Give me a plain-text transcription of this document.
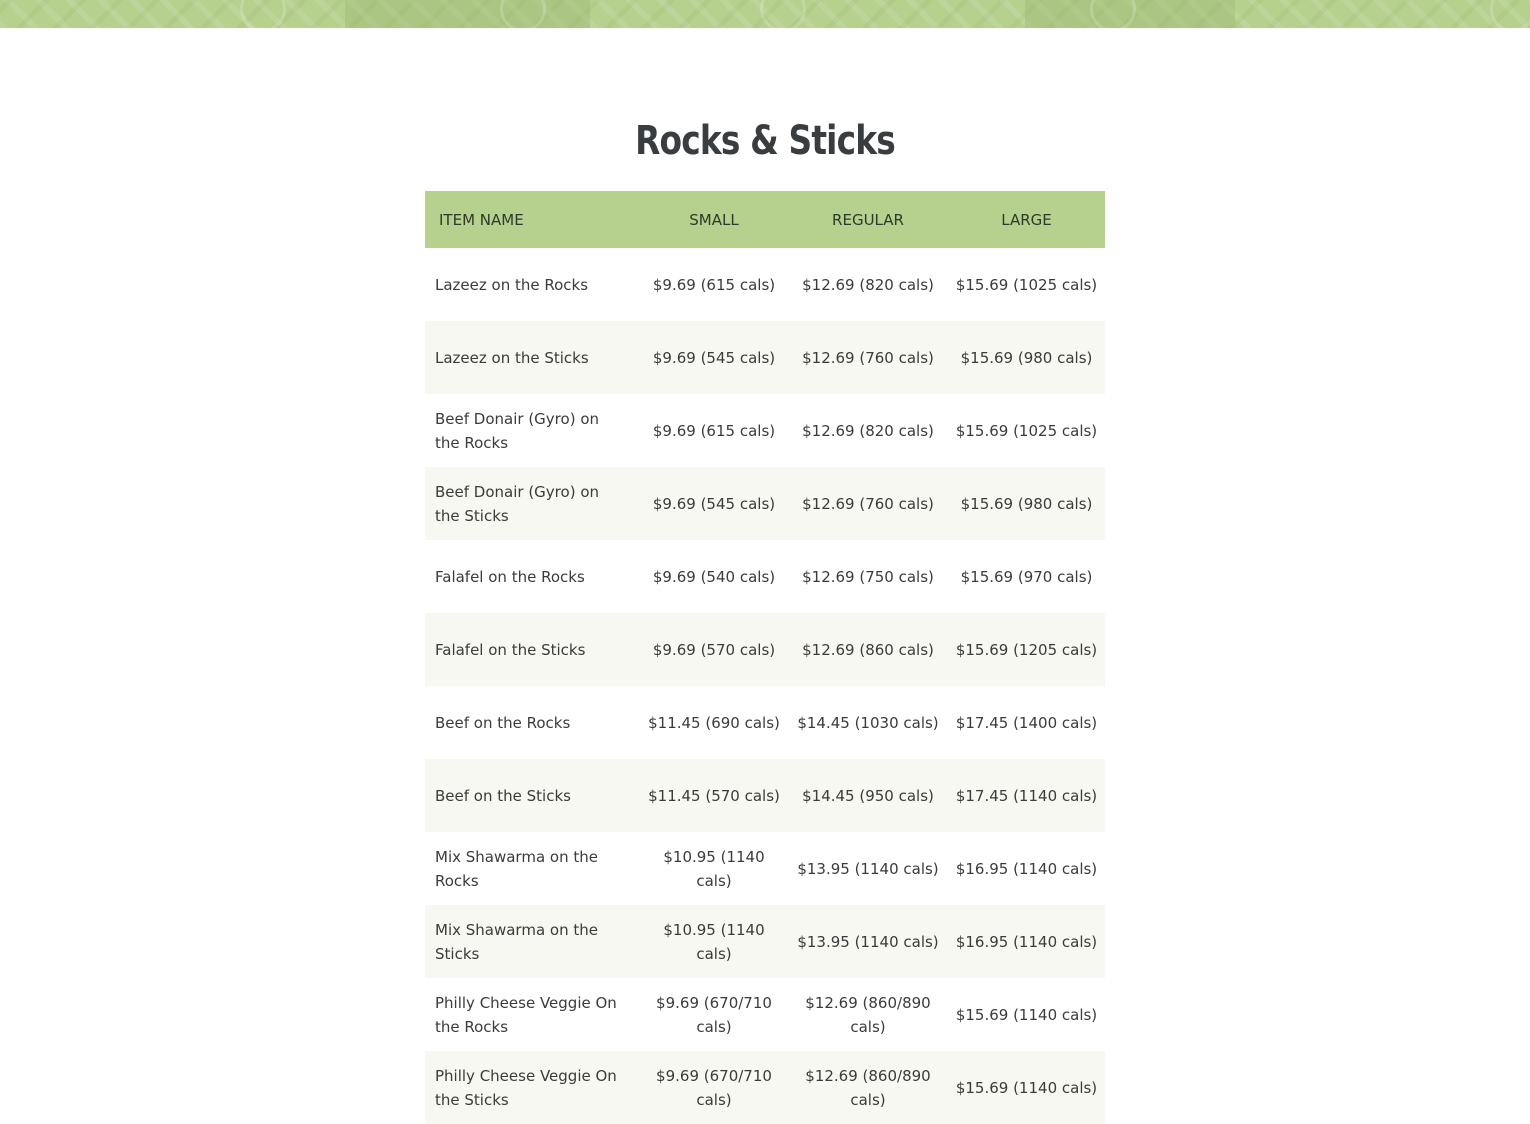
Rocks & Sticks
ITEM NAME	SMALL	REGULAR	LARGE
Lazeez on the Rocks	$9.69 (615 cals)	$12.69 (820 cals)	$15.69 (1025 cals)
Lazeez on the Sticks	$9.69 (545 cals)	$12.69 (760 cals)	$15.69 (980 cals)
Beef Donair (Gyro) on the Rocks	$9.69 (615 cals)	$12.69 (820 cals)	$15.69 (1025 cals)
Beef Donair (Gyro) on the Sticks	$9.69 (545 cals)	$12.69 (760 cals)	$15.69 (980 cals)
Falafel on the Rocks	$9.69 (540 cals)	$12.69 (750 cals)	$15.69 (970 cals)
Falafel on the Sticks	$9.69 (570 cals)	$12.69 (860 cals)	$15.69 (1205 cals)
Beef on the Rocks	$11.45 (690 cals)	$14.45 (1030 cals)	$17.45 (1400 cals)
Beef on the Sticks	$11.45 (570 cals)	$14.45 (950 cals)	$17.45 (1140 cals)
Mix Shawarma on the Rocks	$10.95 (1140 cals)	$13.95 (1140 cals)	$16.95 (1140 cals)
Mix Shawarma on the Sticks	$10.95 (1140 cals)	$13.95 (1140 cals)	$16.95 (1140 cals)
Philly Cheese Veggie On the Rocks	$9.69 (670/710 cals)	$12.69 (860/890 cals)	$15.69 (1140 cals)
Philly Cheese Veggie On the Sticks	$9.69 (670/710 cals)	$12.69 (860/890 cals)	$15.69 (1140 cals)
